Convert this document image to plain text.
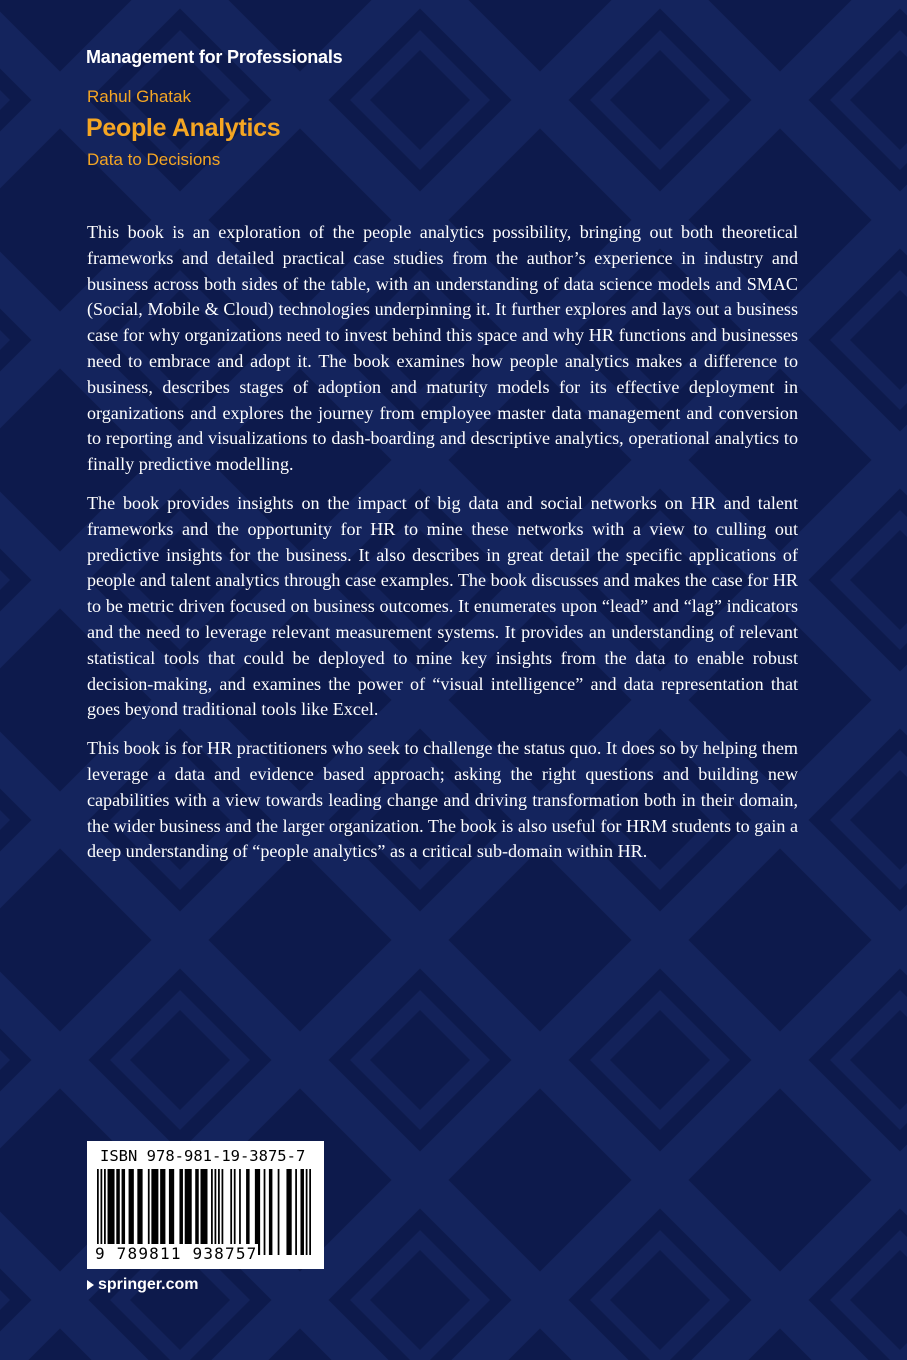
Management for Professionals

Rahul Ghatak

People Analytics

Data to Decisions

This book is an exploration of the people analytics possibility, bringing out both theoretical frameworks and detailed practical case studies from the author’s experience in industry and business across both sides of the table, with an understanding of data science models and SMAC (Social, Mobile & Cloud) technologies underpinning it. It further explores and lays out a business case for why organizations need to invest behind this space and why HR functions and businesses need to embrace and adopt it. The book examines how people analytics makes a difference to business, describes stages of adoption and maturity models for its effective deployment in organizations and explores the journey from employee master data management and conversion to reporting and visualizations to dash-boarding and descriptive analytics, operational analytics to finally predictive modelling.

The book provides insights on the impact of big data and social networks on HR and talent frameworks and the opportunity for HR to mine these networks with a view to culling out predictive insights for the business. It also describes in great detail the specific applications of people and talent analytics through case examples. The book discusses and makes the case for HR to be metric driven focused on business outcomes. It enumerates upon “lead” and “lag” indicators and the need to leverage relevant measurement systems. It provides an understanding of relevant statistical tools that could be deployed to mine key insights from the data to enable robust decision-making, and examines the power of “visual intelligence” and data representation that goes beyond traditional tools like Excel.

This book is for HR practitioners who seek to challenge the status quo. It does so by helping them leverage a data and evidence based approach; asking the right questions and building new capabilities with a view towards leading change and driving transformation both in their domain, the wider business and the larger organization. The book is also useful for HRM students to gain a deep understanding of “people analytics” as a critical sub-domain within HR.

ISBN 978-981-19-3875-7

9 789811 938757

springer.com
